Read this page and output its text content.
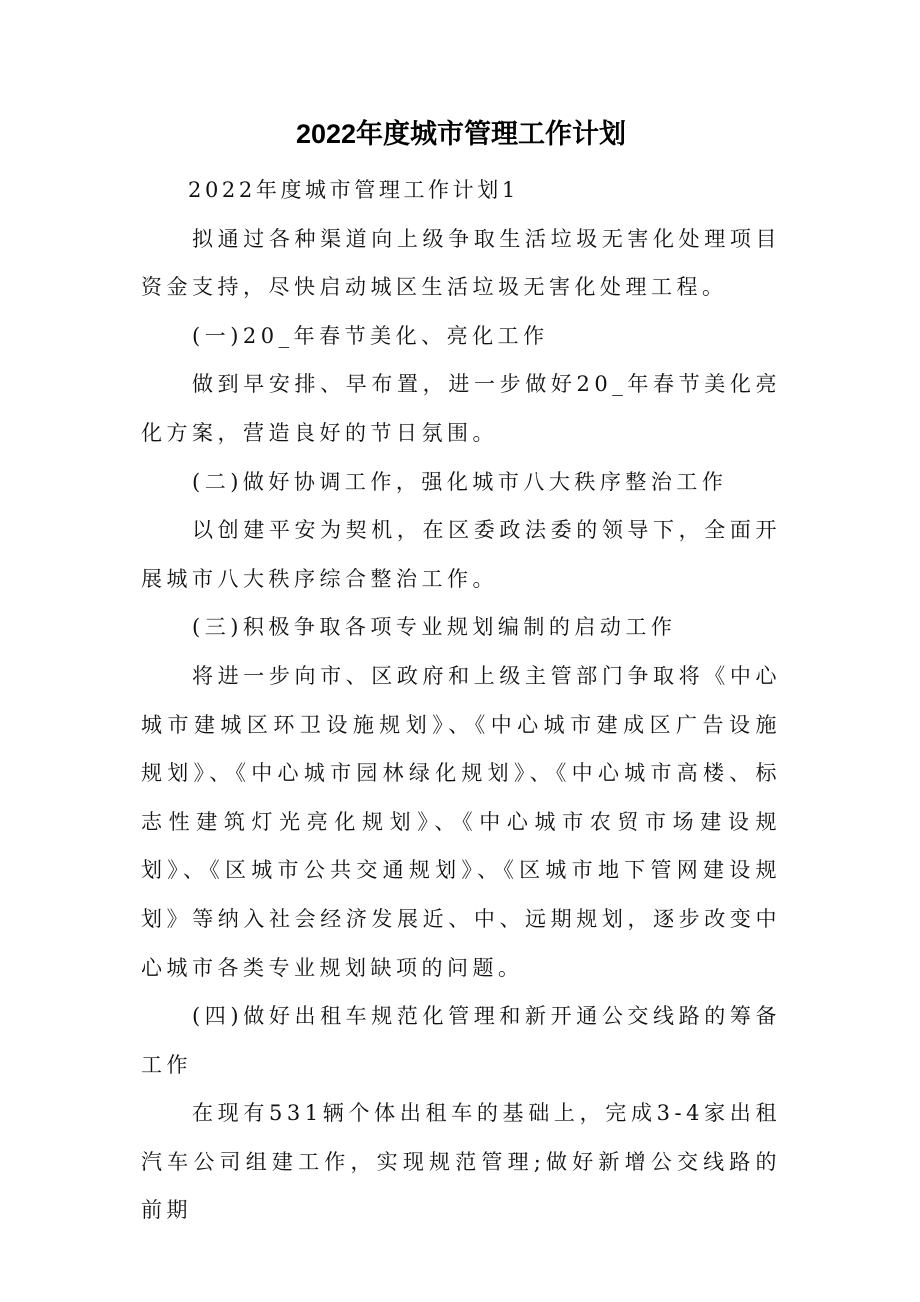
2022年度城市管理工作计划

2022年度城市管理工作计划1

拟通过各种渠道向上级争取生活垃圾无害化处理项目资金支持，尽快启动城区生活垃圾无害化处理工程。

(一)20_年春节美化、亮化工作

做到早安排、早布置，进一步做好20_年春节美化亮化方案，营造良好的节日氛围。

(二)做好协调工作，强化城市八大秩序整治工作

以创建平安为契机，在区委政法委的领导下，全面开展城市八大秩序综合整治工作。

(三)积极争取各项专业规划编制的启动工作

将进一步向市、区政府和上级主管部门争取将《中心城市建城区环卫设施规划》、《中心城市建成区广告设施规划》、《中心城市园林绿化规划》、《中心城市高楼、标志性建筑灯光亮化规划》、《中心城市农贸市场建设规划》、《区城市公共交通规划》、《区城市地下管网建设规划》等纳入社会经济发展近、中、远期规划，逐步改变中心城市各类专业规划缺项的问题。

(四)做好出租车规范化管理和新开通公交线路的筹备工作

在现有531辆个体出租车的基础上，完成3-4家出租汽车公司组建工作，实现规范管理;做好新增公交线路的前期
